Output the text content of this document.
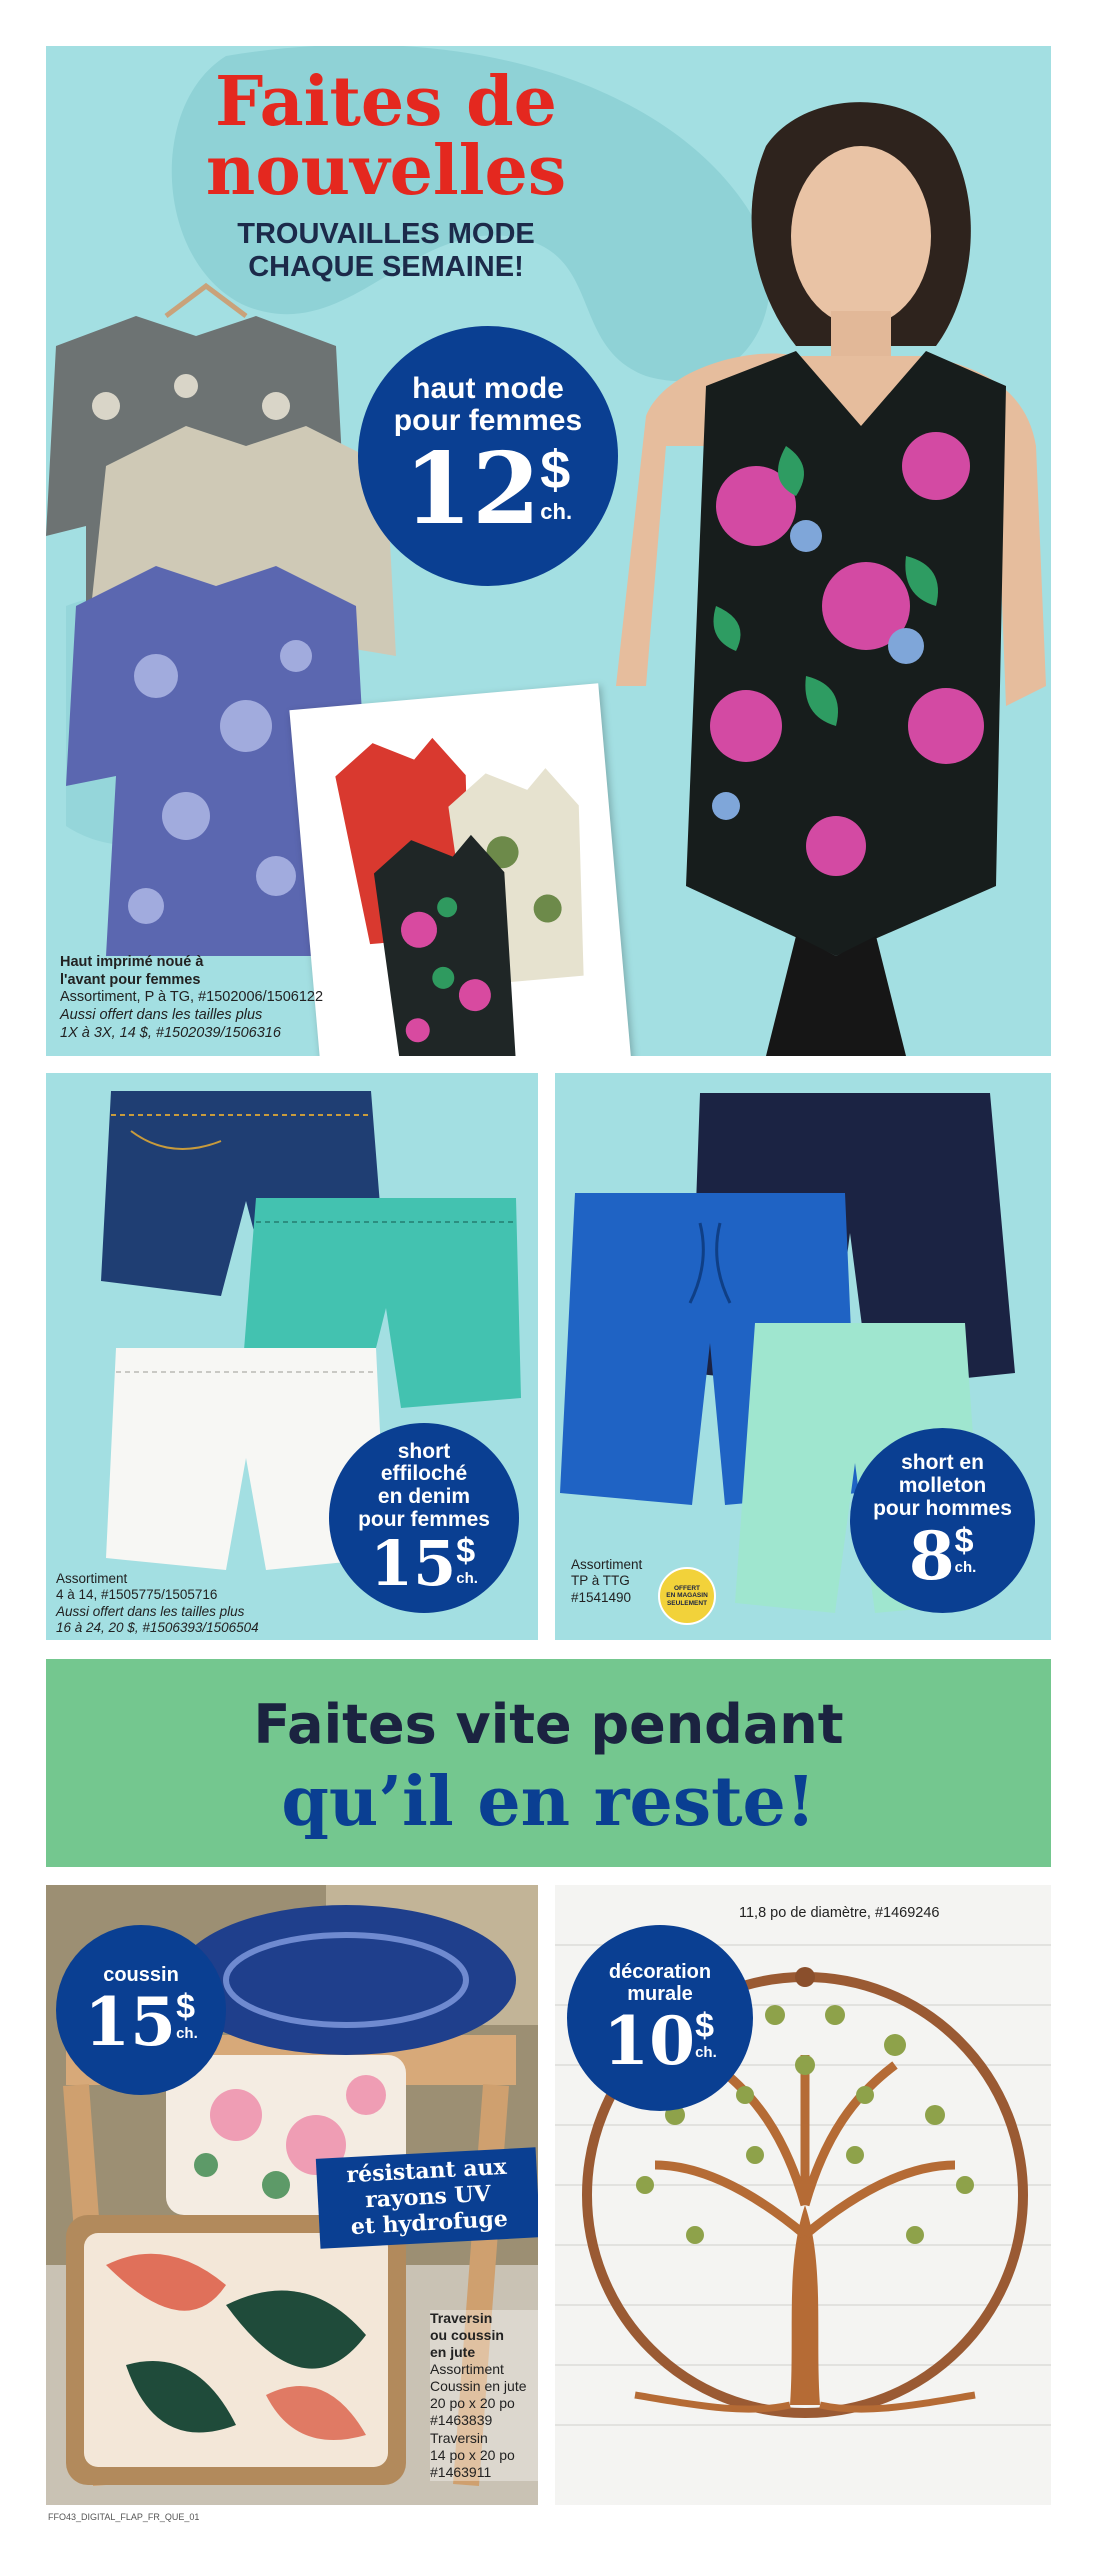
Faites de
nouvelles
TROUVAILLES MODE
CHAQUE SEMAINE!
haut mode
pour femmes
12 $
ch.
Haut imprimé noué à
l'avant pour femmes
Assortiment, P à TG, #1502006/1506122
Aussi offert dans les tailles plus
1X à 3X, 14 $, #1502039/1506316
short
effiloché
en denim
pour femmes
15 $
ch.
Assortiment
4 à 14, #1505775/1505716
Aussi offert dans les tailles plus
16 à 24, 20 $, #1506393/1506504
short en
molleton
pour hommes
8 $
ch.
Assortiment
TP à TTG
#1541490
OFFERT
EN MAGASIN
SEULEMENT
Faites vite pendant
qu’il en reste!
coussin
15 $
ch.
résistant aux
rayons UV
et hydrofuge
Traversin
ou coussin
en jute
Assortiment
Coussin en jute
20 po x 20 po
#1463839
Traversin
14 po x 20 po
#1463911
11,8 po de diamètre, #1469246
décoration
murale
10 $
ch.
FFO43_DIGITAL_FLAP_FR_QUE_01
